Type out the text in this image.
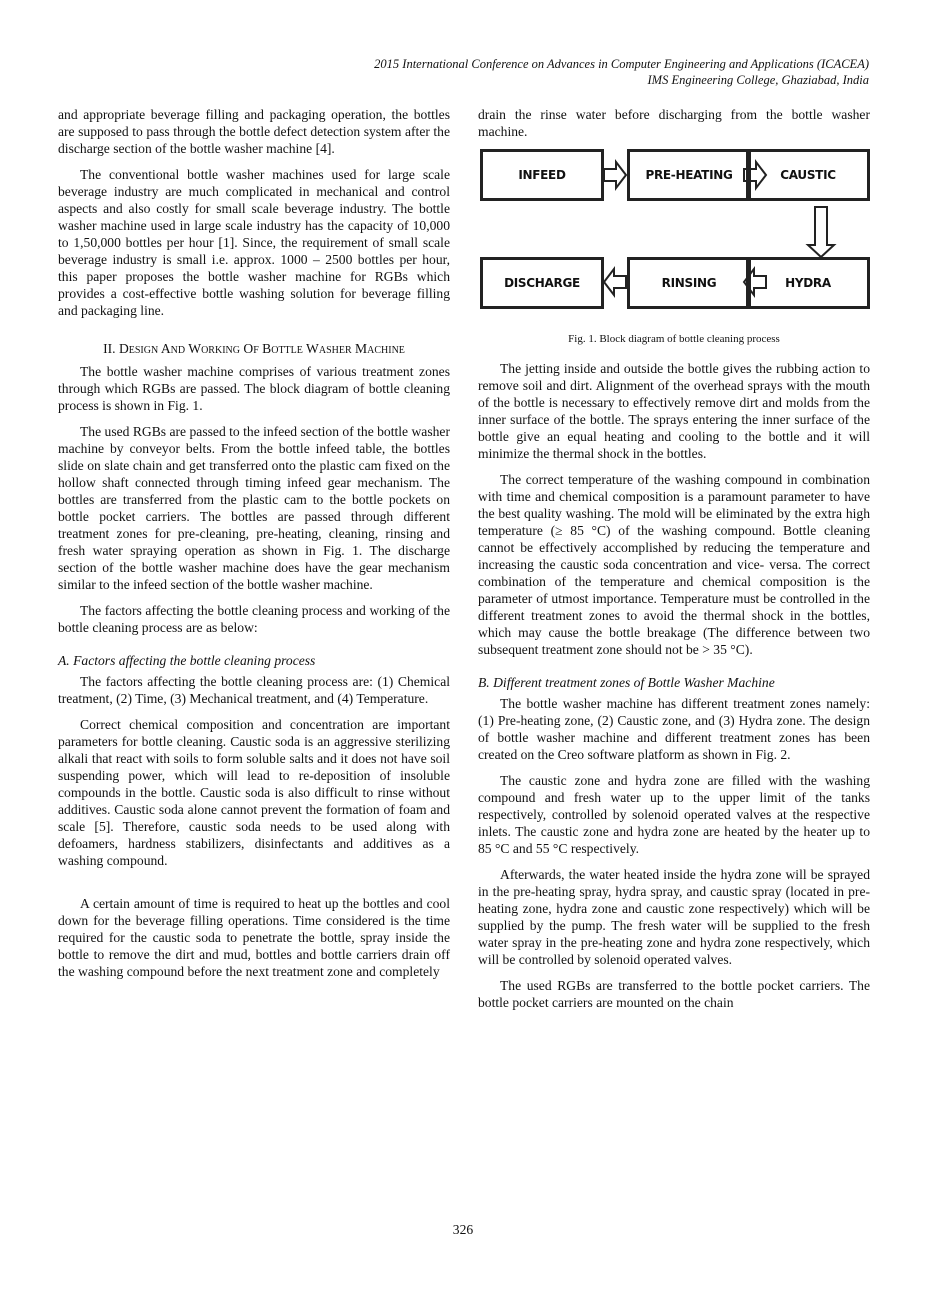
2015 International Conference on Advances in Computer Engineering and Applications (ICACEA)
IMS Engineering College, Ghaziabad, India

and appropriate beverage filling and packaging operation, the bottles are supposed to pass through the bottle defect detection system after the discharge section of the bottle washer machine [4].

The conventional bottle washer machines used for large scale beverage industry are much complicated in mechanical and control aspects and also costly for small scale beverage industry. The bottle washer machine used in large scale industry has the capacity of 10,000 to 1,50,000 bottles per hour [1]. Since, the requirement of small scale beverage industry is small i.e. approx. 1000 – 2500 bottles per hour, this paper proposes the bottle washer machine for RGBs which provides a cost-effective bottle washing solution for beverage filling and packaging line.

II. Design And Working Of Bottle Washer Machine

The bottle washer machine comprises of various treatment zones through which RGBs are passed. The block diagram of bottle cleaning process is shown in Fig. 1.

The used RGBs are passed to the infeed section of the bottle washer machine by conveyor belts. From the bottle infeed table, the bottles slide on slate chain and get transferred onto the plastic cam fixed on the hollow shaft connected through timing infeed gear mechanism. The bottles are transferred from the plastic cam to the bottle pockets on bottle pocket carriers. The bottles are passed through different treatment zones for pre-cleaning, pre-heating, cleaning, rinsing and fresh water spraying operation as shown in Fig. 1. The discharge section of the bottle washer machine does have the gear mechanism similar to the infeed section of the bottle washer machine.

The factors affecting the bottle cleaning process and working of the bottle cleaning process are as below:

A. Factors affecting the bottle cleaning process

The factors affecting the bottle cleaning process are: (1) Chemical treatment, (2) Time, (3) Mechanical treatment, and (4) Temperature.

Correct chemical composition and concentration are important parameters for bottle cleaning. Caustic soda is an aggressive sterilizing alkali that react with soils to form soluble salts and it does not have soil suspending power, which will lead to re-deposition of insoluble compounds in the bottle. Caustic soda is also difficult to rinse without additives. Caustic soda alone cannot prevent the formation of foam and scale [5]. Therefore, caustic soda needs to be used along with defoamers, hardness stabilizers, disinfectants and additives as a washing compound.

A certain amount of time is required to heat up the bottles and cool down for the beverage filling operations. Time considered is the time required for the caustic soda to penetrate the bottle, spray inside the bottle to remove the dirt and mud, bottles and bottle carriers drain off the washing compound before the next treatment zone and completely

drain the rinse water before discharging from the bottle washer machine.

INFEED	PRE-HEATING	CAUSTIC
HYDRA
RINSING
DISCHARGE
Fig. 1. Block diagram of bottle cleaning process

The jetting inside and outside the bottle gives the rubbing action to remove soil and dirt. Alignment of the overhead sprays with the mouth of the bottle is necessary to effectively remove dirt and molds from the inner surface of the bottle. The sprays entering the inner surface of the bottle give an equal heating and cooling to the bottle and it will minimize the thermal shock in the bottles.

The correct temperature of the washing compound in combination with time and chemical composition is a paramount parameter to have the best quality washing. The mold will be eliminated by the extra high temperature (≥ 85 °C) of the washing compound. Bottle cleaning cannot be effectively accomplished by reducing the temperature and increasing the caustic soda concentration and vice- versa. The correct combination of the temperature and chemical composition is the parameter of utmost importance. Temperature must be controlled in the different treatment zones to avoid the thermal shock in the bottles, which may cause the bottle breakage (The difference between two subsequent treatment zone should not be > 35 °C).

B. Different treatment zones of Bottle Washer Machine

The bottle washer machine has different treatment zones namely: (1) Pre-heating zone, (2) Caustic zone, and (3) Hydra zone. The design of bottle washer machine and different treatment zones has been created on the Creo software platform as shown in Fig. 2.

The caustic zone and hydra zone are filled with the washing compound and fresh water up to the upper limit of the tanks respectively, controlled by solenoid operated valves at the respective inlets. The caustic zone and hydra zone are heated by the heater up to 85 °C and 55 °C respectively.

Afterwards, the water heated inside the hydra zone will be sprayed in the pre-heating spray, hydra spray, and caustic spray (located in pre-heating zone, hydra zone and caustic zone respectively) which will be supplied by the pump. The fresh water will be supplied to the fresh water spray in the pre-heating zone and hydra zone respectively, which will be controlled by solenoid operated valves.

The used RGBs are transferred to the bottle pocket carriers. The bottle pocket carriers are mounted on the chain

326
